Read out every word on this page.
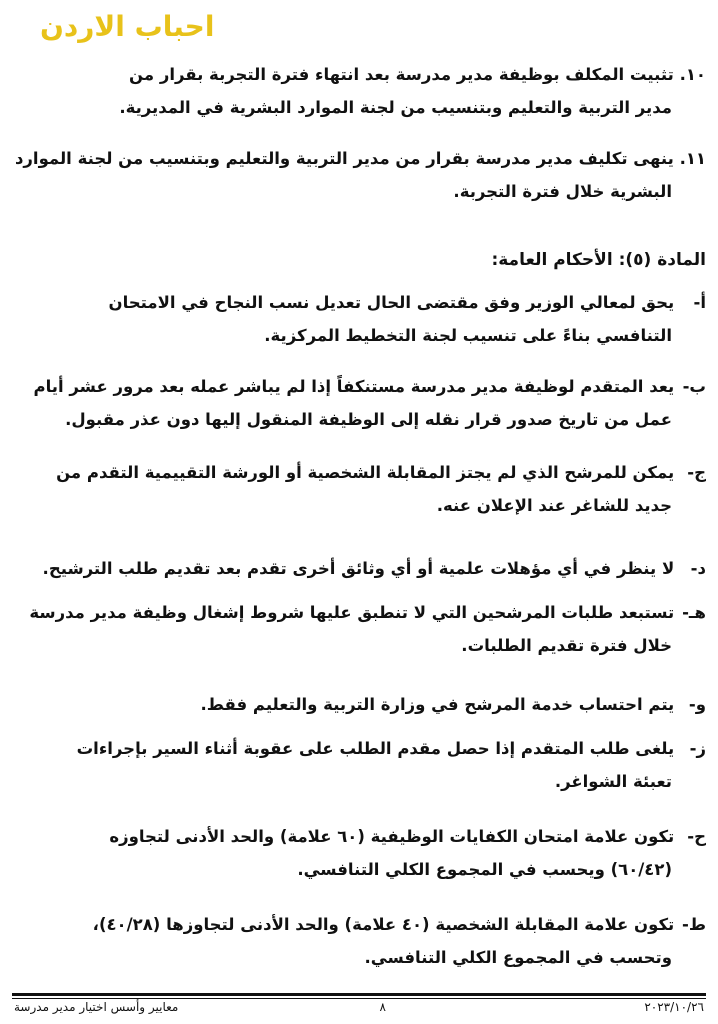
احباب الاردن
١٠. تثبيت المكلف بوظيفة مدير مدرسة بعد انتهاء فترة التجربة بقرار من
مدير التربية والتعليم وبتنسيب من لجنة الموارد البشرية في المديرية.
١١. ينهى تكليف مدير مدرسة بقرار من مدير التربية والتعليم وبتنسيب من لجنة الموارد
البشرية خلال فترة التجربة.
المادة (٥): الأحكام العامة:
أ- يحق لمعالي الوزير وفق مقتضى الحال تعديل نسب النجاح في الامتحان
التنافسي بناءً على تنسيب لجنة التخطيط المركزية.
ب- يعد المتقدم لوظيفة مدير مدرسة مستنكفاً إذا لم يباشر عمله بعد مرور عشر أيام
عمل من تاريخ صدور قرار نقله إلى الوظيفة المنقول إليها دون عذر مقبول.
ج- يمكن للمرشح الذي لم يجتز المقابلة الشخصية أو الورشة التقييمية التقدم من
جديد للشاغر عند الإعلان عنه.
د- لا ينظر في أي مؤهلات علمية أو أي وثائق أخرى تقدم بعد تقديم طلب الترشيح.
هـ- تستبعد طلبات المرشحين التي لا تنطبق عليها شروط إشغال وظيفة مدير مدرسة
خلال فترة تقديم الطلبات.
و- يتم احتساب خدمة المرشح في وزارة التربية والتعليم فقط.
ز- يلغى طلب المتقدم إذا حصل مقدم الطلب على عقوبة أثناء السير بإجراءات
تعبئة الشواغر.
ح- تكون علامة امتحان الكفايات الوظيفية (٦٠ علامة) والحد الأدنى لتجاوزه
(٦٠/٤٢) ويحسب في المجموع الكلي التنافسي.
ط- تكون علامة المقابلة الشخصية (٤٠ علامة) والحد الأدنى لتجاوزها (٤٠/٢٨)،
وتحسب في المجموع الكلي التنافسي.
٢٠٢٣/١٠/٢٦
٨
معايير وأسس اختيار مدير مدرسة
